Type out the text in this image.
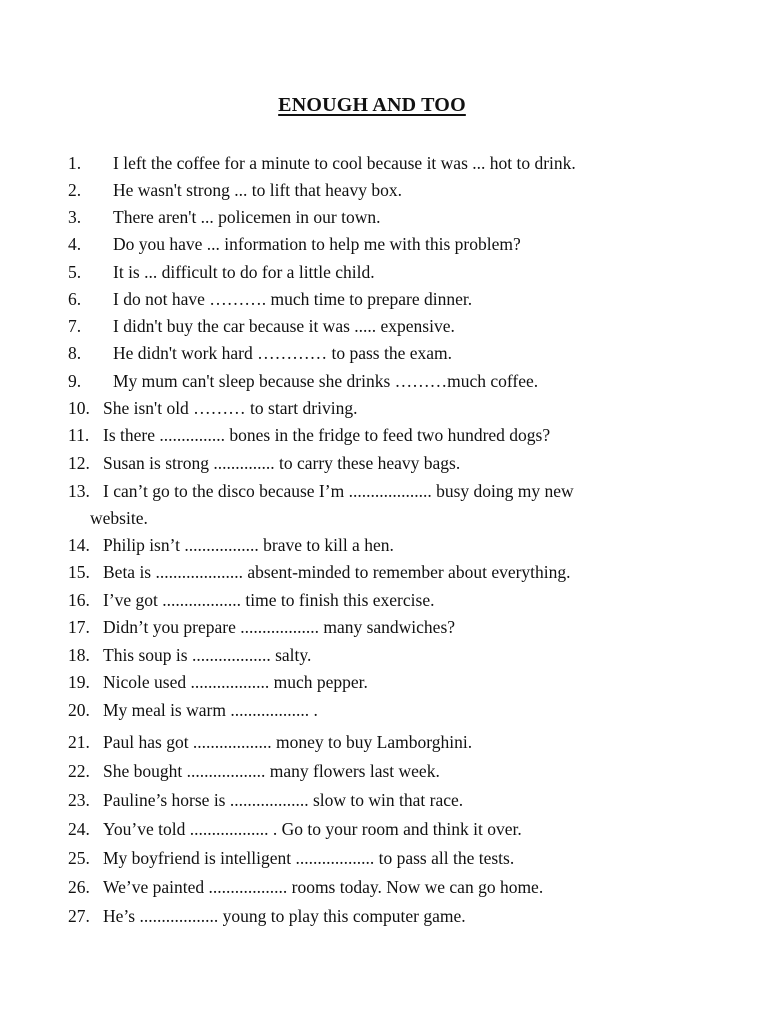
ENOUGH AND TOO
1. I left the coffee for a minute to cool because it was ... hot to drink.
2. He wasn't strong ... to lift that heavy box.
3. There aren't ... policemen in our town.
4. Do you have ... information to help me with this problem?
5. It is ... difficult to do for a little child.
6. I do not have ………. much time to prepare dinner.
7. I didn't buy the car because it was ..... expensive.
8. He didn't work hard ………… to pass the exam.
9. My mum can't sleep because she drinks ………much coffee.
10. She isn't old ……… to start driving.
11. Is there ............... bones in the fridge to feed two hundred dogs?
12. Susan is strong .............. to carry these heavy bags.
13. I can’t go to the disco because I’m ................... busy doing my new
website.
14. Philip isn’t ................. brave to kill a hen.
15. Beta is .................... absent-minded to remember about everything.
16. I’ve got .................. time to finish this exercise.
17. Didn’t you prepare .................. many sandwiches?
18. This soup is .................. salty.
19. Nicole used .................. much pepper.
20. My meal is warm .................. .
21. Paul has got .................. money to buy Lamborghini.
22. She bought .................. many flowers last week.
23. Pauline’s horse is .................. slow to win that race.
24. You’ve told .................. . Go to your room and think it over.
25. My boyfriend is intelligent .................. to pass all the tests.
26. We’ve painted .................. rooms today. Now we can go home.
27. He’s .................. young to play this computer game.
